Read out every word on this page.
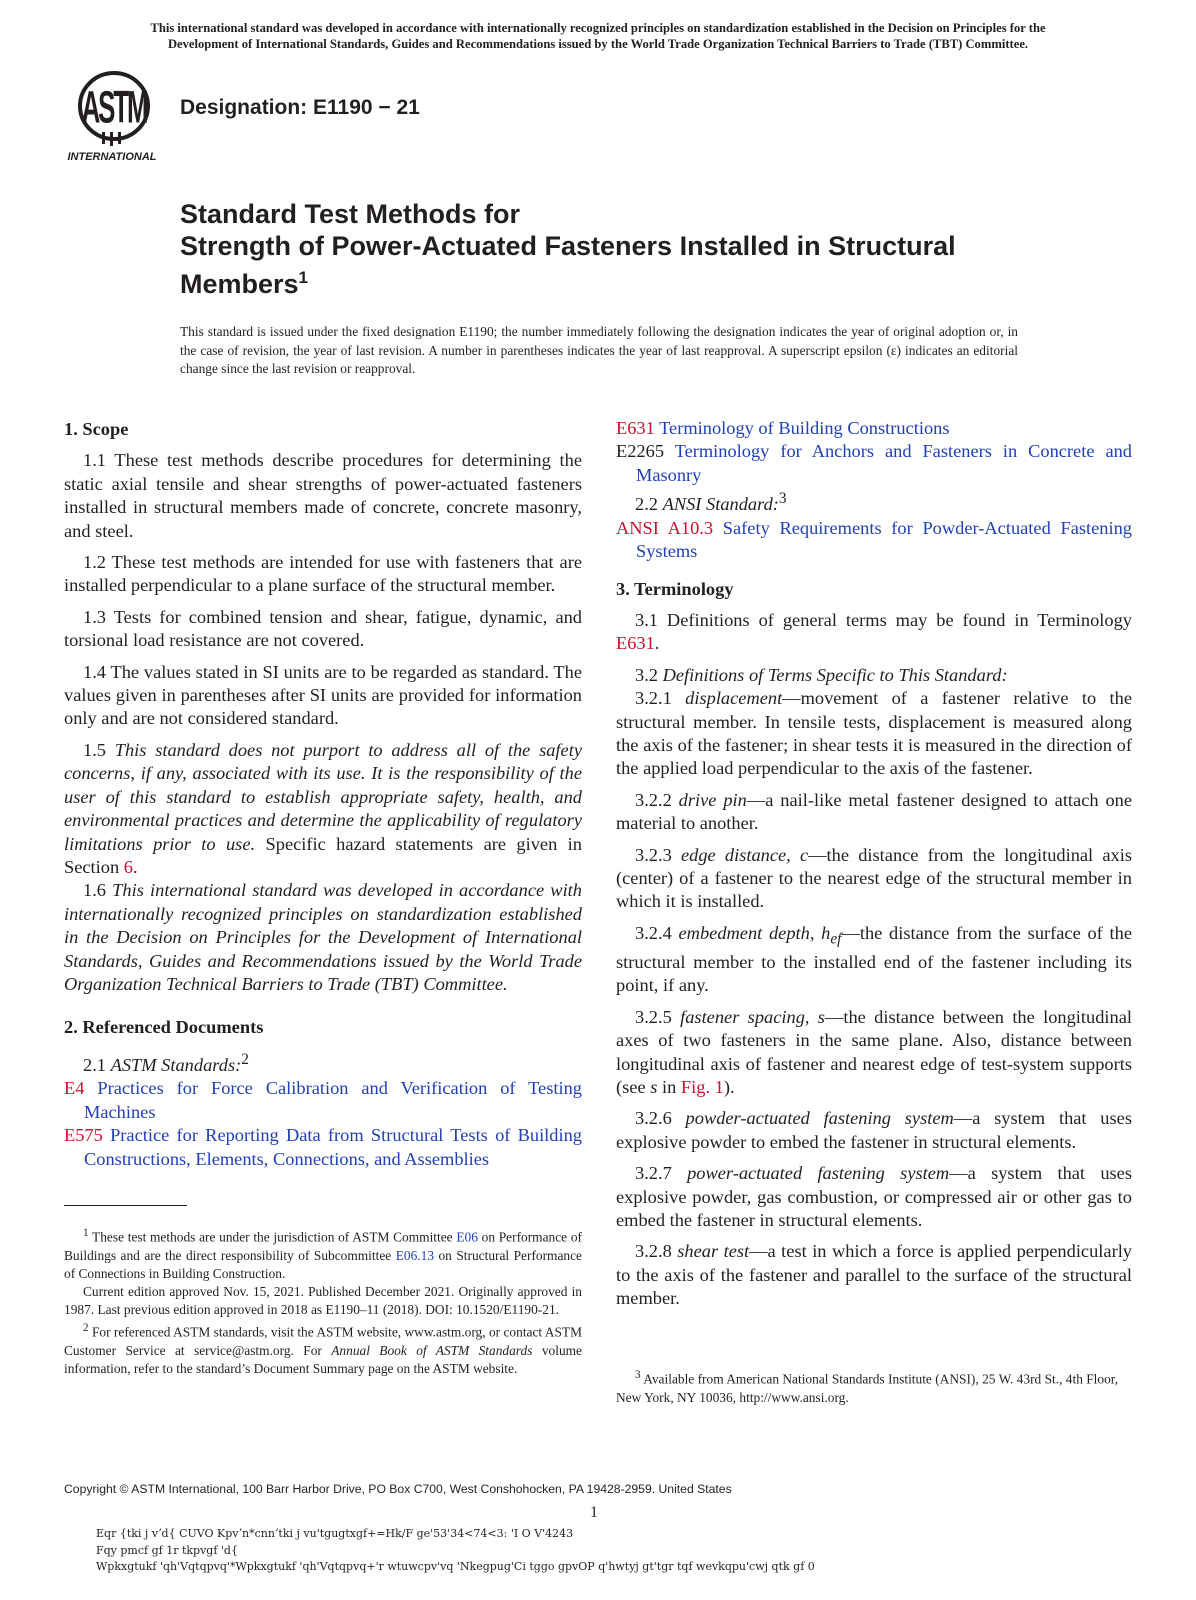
This international standard was developed in accordance with internationally recognized principles on standardization established in the Decision on Principles for the
Development of International Standards, Guides and Recommendations issued by the World Trade Organization Technical Barriers to Trade (TBT) Committee.
ASTM
INTERNATIONAL
Designation: E1190 − 21
Standard Test Methods for
Strength of Power-Actuated Fasteners Installed in Structural
Members$^1$
This standard is issued under the fixed designation E1190; the number immediately following the designation indicates the year of original adoption or, in the case of revision, the year of last revision. A number in parentheses indicates the year of last reapproval. A superscript epsilon (ε) indicates an editorial change since the last revision or reapproval.
1. Scope

1.1 These test methods describe procedures for determining the static axial tensile and shear strengths of power-actuated fasteners installed in structural members made of concrete, concrete masonry, and steel.

1.2 These test methods are intended for use with fasteners that are installed perpendicular to a plane surface of the structural member.

1.3 Tests for combined tension and shear, fatigue, dynamic, and torsional load resistance are not covered.

1.4 The values stated in SI units are to be regarded as standard. The values given in parentheses after SI units are provided for information only and are not considered standard.

1.5 This standard does not purport to address all of the safety concerns, if any, associated with its use. It is the responsibility of the user of this standard to establish appropriate safety, health, and environmental practices and determine the applicability of regulatory limitations prior to use. Specific hazard statements are given in Section 6.

1.6 This international standard was developed in accordance with internationally recognized principles on standardization established in the Decision on Principles for the Development of International Standards, Guides and Recommendations issued by the World Trade Organization Technical Barriers to Trade (TBT) Committee.

2. Referenced Documents

2.1 ASTM Standards:$^2$

E4 Practices for Force Calibration and Verification of Testing Machines

E575 Practice for Reporting Data from Structural Tests of Building Constructions, Elements, Connections, and Assemblies

E631 Terminology of Building Constructions

E2265 Terminology for Anchors and Fasteners in Concrete and Masonry

2.2 ANSI Standard:$^3$

ANSI A10.3 Safety Requirements for Powder-Actuated Fastening Systems

3. Terminology

3.1 Definitions of general terms may be found in Terminology E631.

3.2 Definitions of Terms Specific to This Standard:

3.2.1 displacement—movement of a fastener relative to the structural member. In tensile tests, displacement is measured along the axis of the fastener; in shear tests it is measured in the direction of the applied load perpendicular to the axis of the fastener.

3.2.2 drive pin—a nail-like metal fastener designed to attach one material to another.

3.2.3 edge distance, c—the distance from the longitudinal axis (center) of a fastener to the nearest edge of the structural member in which it is installed.

3.2.4 embedment depth, $h_{ef}—the$ distance from the surface of the structural member to the installed end of the fastener including its point, if any.

3.2.5 fastener spacing, s—the distance between the longitudinal axes of two fasteners in the same plane. Also, distance between longitudinal axis of fastener and nearest edge of test-system supports (see s in Fig. 1).

3.2.6 powder-actuated fastening system—a system that uses explosive powder to embed the fastener in structural elements.

3.2.7 power-actuated fastening system—a system that uses explosive powder, gas combustion, or compressed air or other gas to embed the fastener in structural elements.

3.2.8 shear test—a test in which a force is applied perpendicularly to the axis of the fastener and parallel to the surface of the structural member.

$^1$ These test methods are under the jurisdiction of ASTM Committee E06 on Performance of Buildings and are the direct responsibility of Subcommittee E06.13 on Structural Performance of Connections in Building Construction.

Current edition approved Nov. 15, 2021. Published December 2021. Originally approved in 1987. Last previous edition approved in 2018 as E1190–11 (2018). DOI: 10.1520/E1190-21.

$^2$ For referenced ASTM standards, visit the ASTM website, www.astm.org, or contact ASTM Customer Service at service@astm.org. For Annual Book of ASTM Standards volume information, refer to the standard’s Document Summary page on the ASTM website.	$^3$ Available from American National Standards Institute (ANSI), 25 W. 43rd St., 4th Floor, New York, NY 10036, http://www.ansi.org.

Copyright © ASTM International, 100 Barr Harbor Drive, PO Box C700, West Conshohocken, PA 19428-2959. United States
1
Eqr {tki j vʼd{ CUVO Kpvʼn*cnnʼtki j vu'tgugtxgf+=Hk/F ge'53'34<74<3: 'I O V'4243
Fqy pmcf gf 1r tkpvgf 'd{
Wpkxgtukf 'qh'Vqtqpvq'*Wpkxgtukf 'qh'Vqtqpvq+'r wtuwcpv'vq 'Nkegpug'Ci tggo gpvOP q'hwtyj gt'tgr tqf wevkqpu'cwj qtk gf 0
